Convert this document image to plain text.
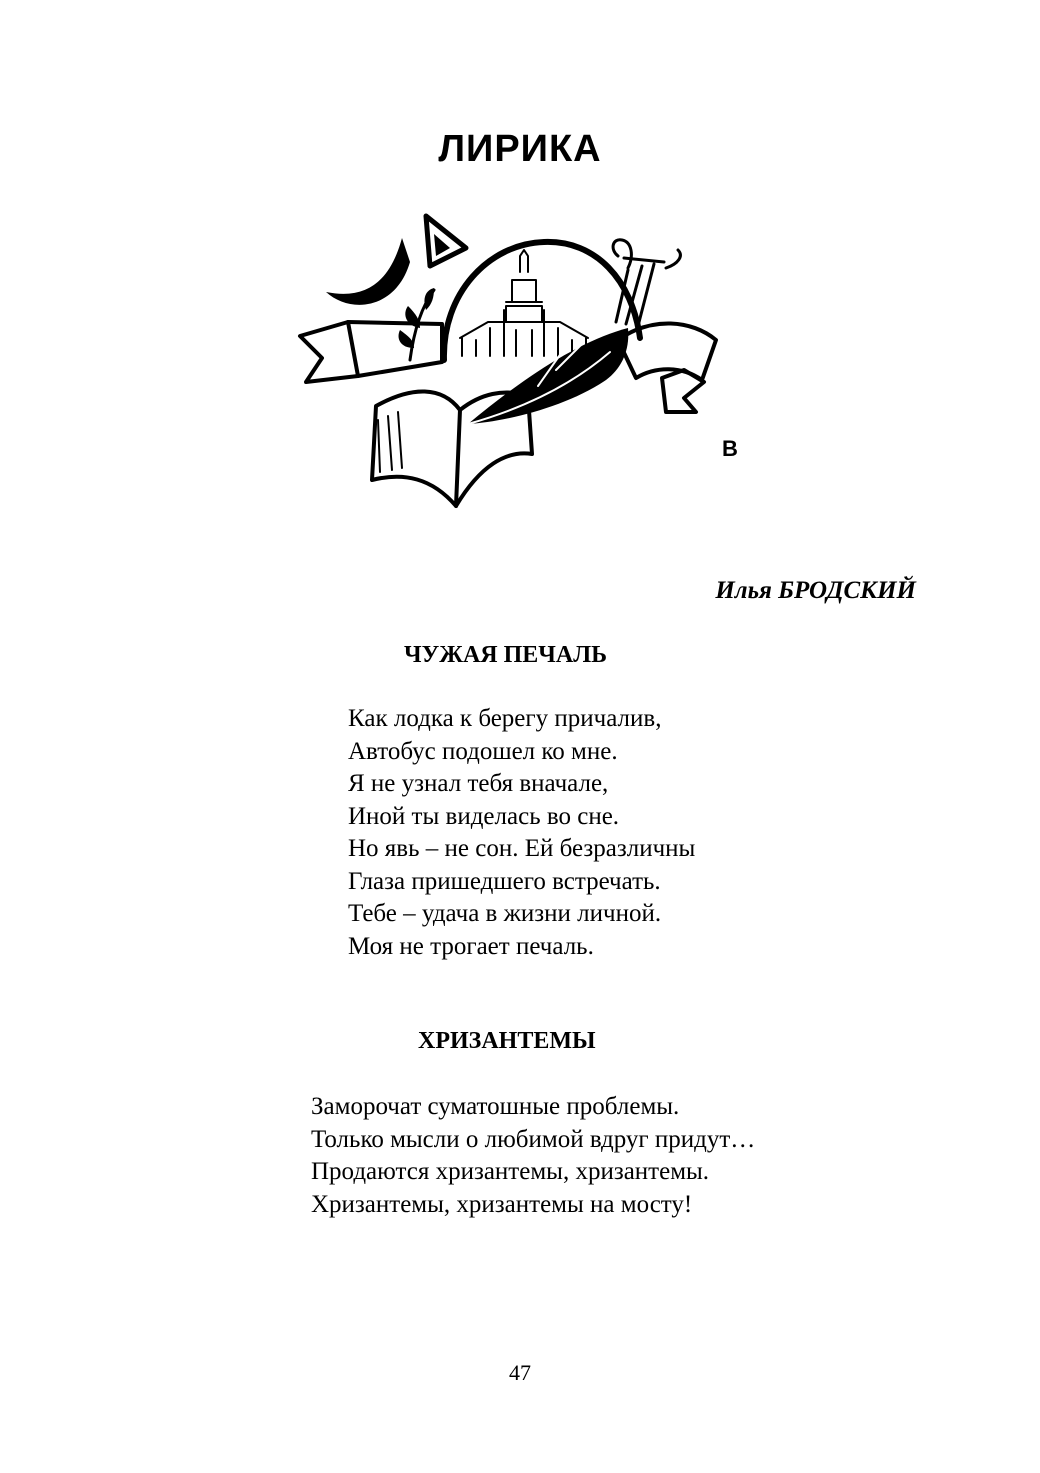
ЛИРИКА
В
Илья БРОДСКИЙ
ЧУЖАЯ ПЕЧАЛЬ
Как лодка к берегу причалив,
Автобус подошел ко мне.
Я не узнал тебя вначале,
Иной ты виделась во сне.
Но явь – не сон. Ей безразличны
Глаза пришедшего встречать.
Тебе – удача в жизни личной.
Моя не трогает печаль.
ХРИЗАНТЕМЫ
Заморочат суматошные проблемы.
Только мысли о любимой вдруг придут…
Продаются хризантемы, хризантемы.
Хризантемы, хризантемы на мосту!
47
